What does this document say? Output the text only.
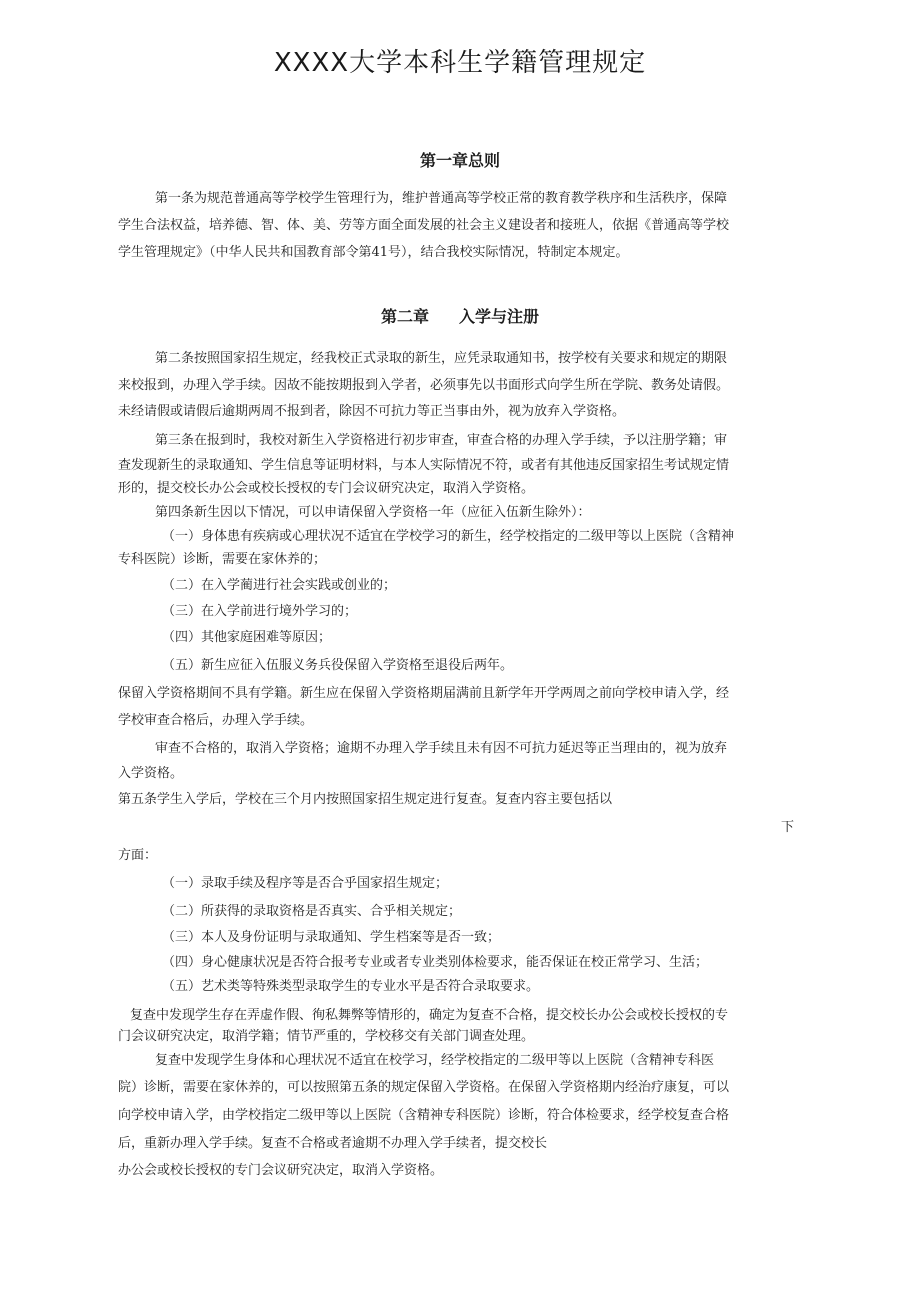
XXXX大学本科生学籍管理规定
第一章总则
第一条为规范普通高等学校学生管理行为，维护普通高等学校正常的教育教学秩序和生活秩序，保障
学生合法权益，培养德、智、体、美、劳等方面全面发展的社会主义建设者和接班人，依据《普通高等学校
学生管理规定》（中华人民共和国教育部令第41号），结合我校实际情况，特制定本规定。
第二章 入学与注册
第二条按照国家招生规定，经我校正式录取的新生，应凭录取通知书，按学校有关要求和规定的期限
来校报到，办理入学手续。因故不能按期报到入学者，必须事先以书面形式向学生所在学院、教务处请假。
未经请假或请假后逾期两周不报到者，除因不可抗力等正当事由外，视为放弃入学资格。
第三条在报到时，我校对新生入学资格进行初步审查，审查合格的办理入学手续，予以注册学籍；审
查发现新生的录取通知、学生信息等证明材料，与本人实际情况不符，或者有其他违反国家招生考试规定情
形的，提交校长办公会或校长授权的专门会议研究决定，取消入学资格。
第四条新生因以下情况，可以申请保留入学资格一年（应征入伍新生除外）：
（一）身体患有疾病或心理状况不适宜在学校学习的新生，经学校指定的二级甲等以上医院（含精神
专科医院）诊断，需要在家休养的；
（二）在入学蔺进行社会实践或创业的；
（三）在入学前进行境外学习的；
（四）其他家庭困难等原因；
（五）新生应征入伍服义务兵役保留入学资格至退役后两年。
保留入学资格期间不具有学籍。新生应在保留入学资格期届满前且新学年开学两周之前向学校申请入学，经
学校审查合格后，办理入学手续。
审查不合格的，取消入学资格；逾期不办理入学手续且未有因不可抗力延迟等正当理由的，视为放弃
入学资格。
第五条学生入学后，学校在三个月内按照国家招生规定进行复查。复查内容主要包括以
下
方面：
（一）录取手续及程序等是否合乎国家招生规定；
（二）所获得的录取资格是否真实、合乎相关规定；
（三）本人及身份证明与录取通知、学生档案等是否一致；
（四）身心健康状况是否符合报考专业或者专业类别体检要求，能否保证在校正常学习、生活；
（五）艺术类等特殊类型录取学生的专业水平是否符合录取要求。
复查中发现学生存在弄虚作假、徇私舞弊等情形的，确定为复查不合格，提交校长办公会或校长授权的专
门会议研究决定，取消学籍；情节严重的，学校移交有关部门调查处理。
复查中发现学生身体和心理状况不适宜在校学习，经学校指定的二级甲等以上医院（含精神专科医
院）诊断，需要在家休养的，可以按照第五条的规定保留入学资格。在保留入学资格期内经治疗康复，可以
向学校申请入学，由学校指定二级甲等以上医院（含精神专科医院）诊断，符合体检要求，经学校复查合格
后，重新办理入学手续。复查不合格或者逾期不办理入学手续者，提交校长
办公会或校长授权的专门会议研究决定，取消入学资格。
